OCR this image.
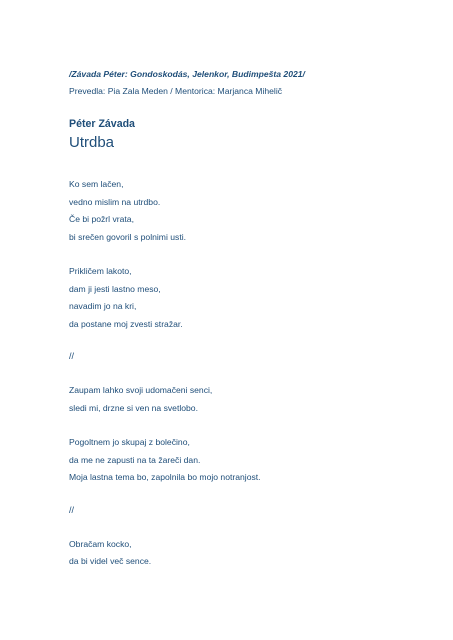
/Závada Péter: Gondoskodás, Jelenkor, Budimpešta 2021/

Prevedla: Pia Zala Meden / Mentorica: Marjanca Mihelič

Péter Závada

Utrdba

Ko sem lačen,
vedno mislim na utrdbo.
Če bi požrl vrata,
bi srečen govoril s polnimi usti.
Prikličem lakoto,
dam ji jesti lastno meso,
navadim jo na kri,
da postane moj zvesti stražar.

//

Zaupam lahko svoji udomačeni senci,
sledi mi, drzne si ven na svetlobo.
Pogoltnem jo skupaj z bolečino,
da me ne zapusti na ta žareči dan.
Moja lastna tema bo, zapolnila bo mojo notranjost.

//

Obračam kocko,
da bi videl več sence.
